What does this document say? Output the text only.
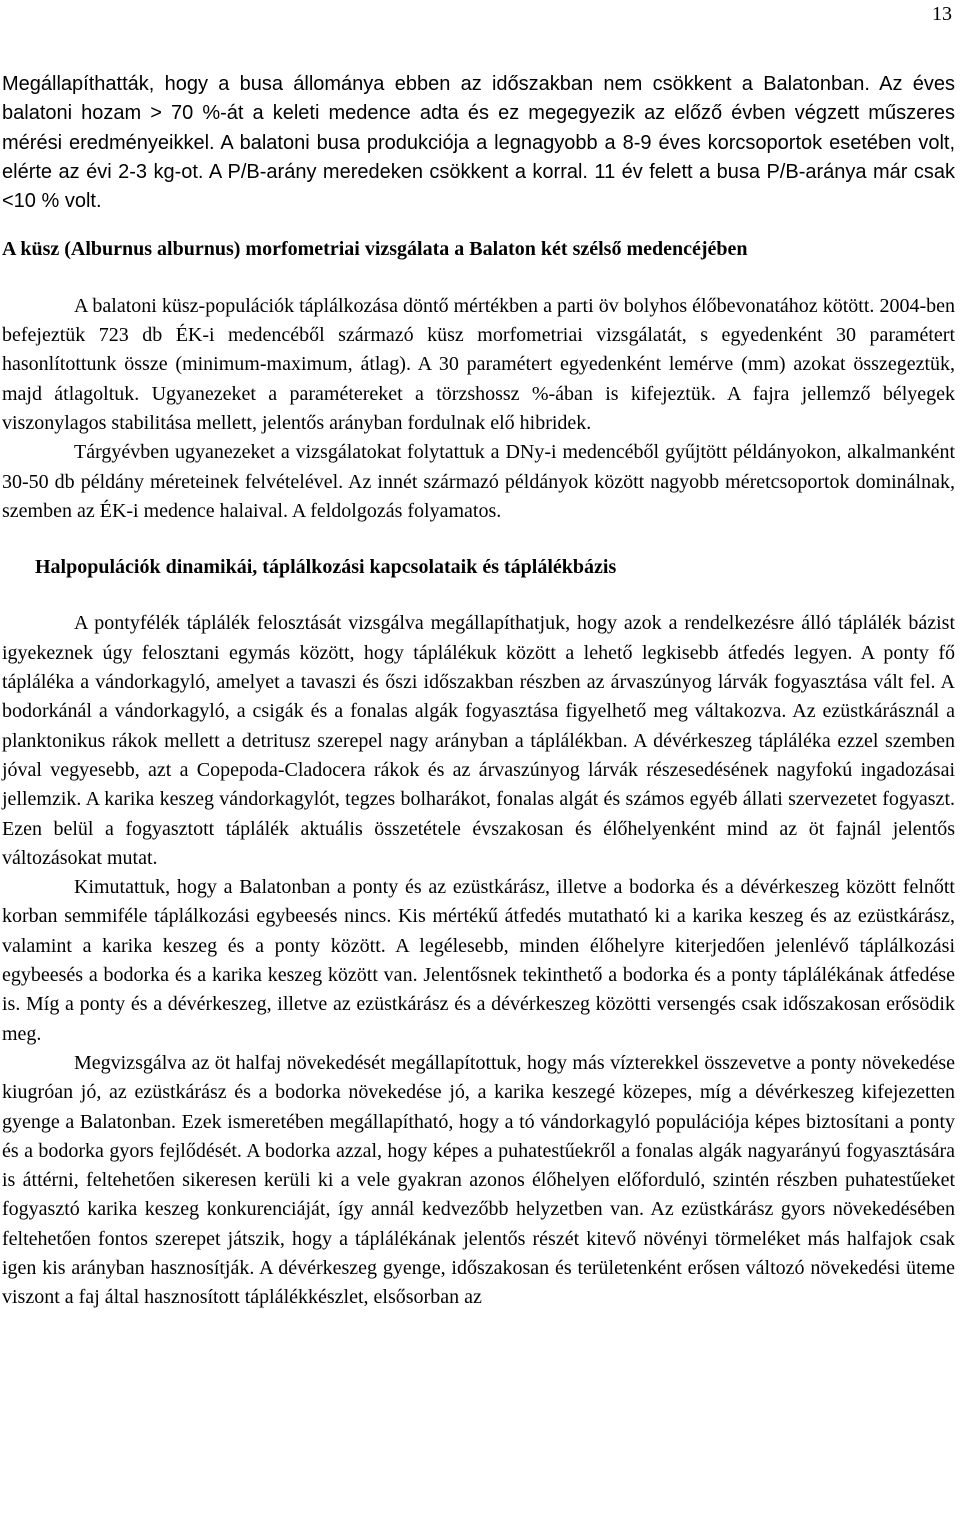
13

Megállapíthatták, hogy a busa állománya ebben az időszakban nem csökkent a Balatonban. Az éves balatoni hozam > 70 %-át a keleti medence adta és ez megegyezik az előző évben végzett műszeres mérési eredményeikkel. A balatoni busa produkciója a legnagyobb a 8-9 éves korcsoportok esetében volt, elérte az évi 2-3 kg-ot. A P/B-arány meredeken csökkent a korral. 11 év felett a busa P/B-aránya már csak <10 % volt.

A küsz (Alburnus alburnus) morfometriai vizsgálata a Balaton két szélső medencéjében

A balatoni küsz-populációk táplálkozása döntő mértékben a parti öv bolyhos élőbevonatához kötött. 2004-ben befejeztük 723 db ÉK-i medencéből származó küsz morfometriai vizsgálatát, s egyedenként 30 paramétert hasonlítottunk össze (minimum-maximum, átlag). A 30 paramétert egyedenként lemérve (mm) azokat összegeztük, majd átlagoltuk. Ugyanezeket a paramétereket a törzshossz %-ában is kifejeztük. A fajra jellemző bélyegek viszonylagos stabilitása mellett, jelentős arányban fordulnak elő hibridek.

Tárgyévben ugyanezeket a vizsgálatokat folytattuk a DNy-i medencéből gyűjtött példányokon, alkalmanként 30-50 db példány méreteinek felvételével. Az innét származó példányok között nagyobb méretcsoportok dominálnak, szemben az ÉK-i medence halaival. A feldolgozás folyamatos.

Halpopulációk dinamikái, táplálkozási kapcsolataik és táplálékbázis

A pontyfélék táplálék felosztását vizsgálva megállapíthatjuk, hogy azok a rendelkezésre álló táplálék bázist igyekeznek úgy felosztani egymás között, hogy táplálékuk között a lehető legkisebb átfedés legyen. A ponty fő tápláléka a vándorkagyló, amelyet a tavaszi és őszi időszakban részben az árvaszúnyog lárvák fogyasztása vált fel. A bodorkánál a vándorkagyló, a csigák és a fonalas algák fogyasztása figyelhető meg váltakozva. Az ezüstkárásznál a planktonikus rákok mellett a detritusz szerepel nagy arányban a táplálékban. A dévérkeszeg tápláléka ezzel szemben jóval vegyesebb, azt a Copepoda-Cladocera rákok és az árvaszúnyog lárvák részesedésének nagyfokú ingadozásai jellemzik. A karika keszeg vándorkagylót, tegzes bolharákot, fonalas algát és számos egyéb állati szervezetet fogyaszt. Ezen belül a fogyasztott táplálék aktuális összetétele évszakosan és élőhelyenként mind az öt fajnál jelentős változásokat mutat.

Kimutattuk, hogy a Balatonban a ponty és az ezüstkárász, illetve a bodorka és a dévérkeszeg között felnőtt korban semmiféle táplálkozási egybeesés nincs. Kis mértékű átfedés mutatható ki a karika keszeg és az ezüstkárász, valamint a karika keszeg és a ponty között. A legélesebb, minden élőhelyre kiterjedően jelenlévő táplálkozási egybeesés a bodorka és a karika keszeg között van. Jelentősnek tekinthető a bodorka és a ponty táplálékának átfedése is. Míg a ponty és a dévérkeszeg, illetve az ezüstkárász és a dévérkeszeg közötti versengés csak időszakosan erősödik meg.

Megvizsgálva az öt halfaj növekedését megállapítottuk, hogy más vízterekkel összevetve a ponty növekedése kiugróan jó, az ezüstkárász és a bodorka növekedése jó, a karika keszegé közepes, míg a dévérkeszeg kifejezetten gyenge a Balatonban. Ezek ismeretében megállapítható, hogy a tó vándorkagyló populációja képes biztosítani a ponty és a bodorka gyors fejlődését. A bodorka azzal, hogy képes a puhatestűekről a fonalas algák nagyarányú fogyasztására is áttérni, feltehetően sikeresen kerüli ki a vele gyakran azonos élőhelyen előforduló, szintén részben puhatestűeket fogyasztó karika keszeg konkurenciáját, így annál kedvezőbb helyzetben van. Az ezüstkárász gyors növekedésében feltehetően fontos szerepet játszik, hogy a táplálékának jelentős részét kitevő növényi törmeléket más halfajok csak igen kis arányban hasznosítják. A dévérkeszeg gyenge, időszakosan és területenként erősen változó növekedési üteme viszont a faj által hasznosított táplálékkészlet, elsősorban az
